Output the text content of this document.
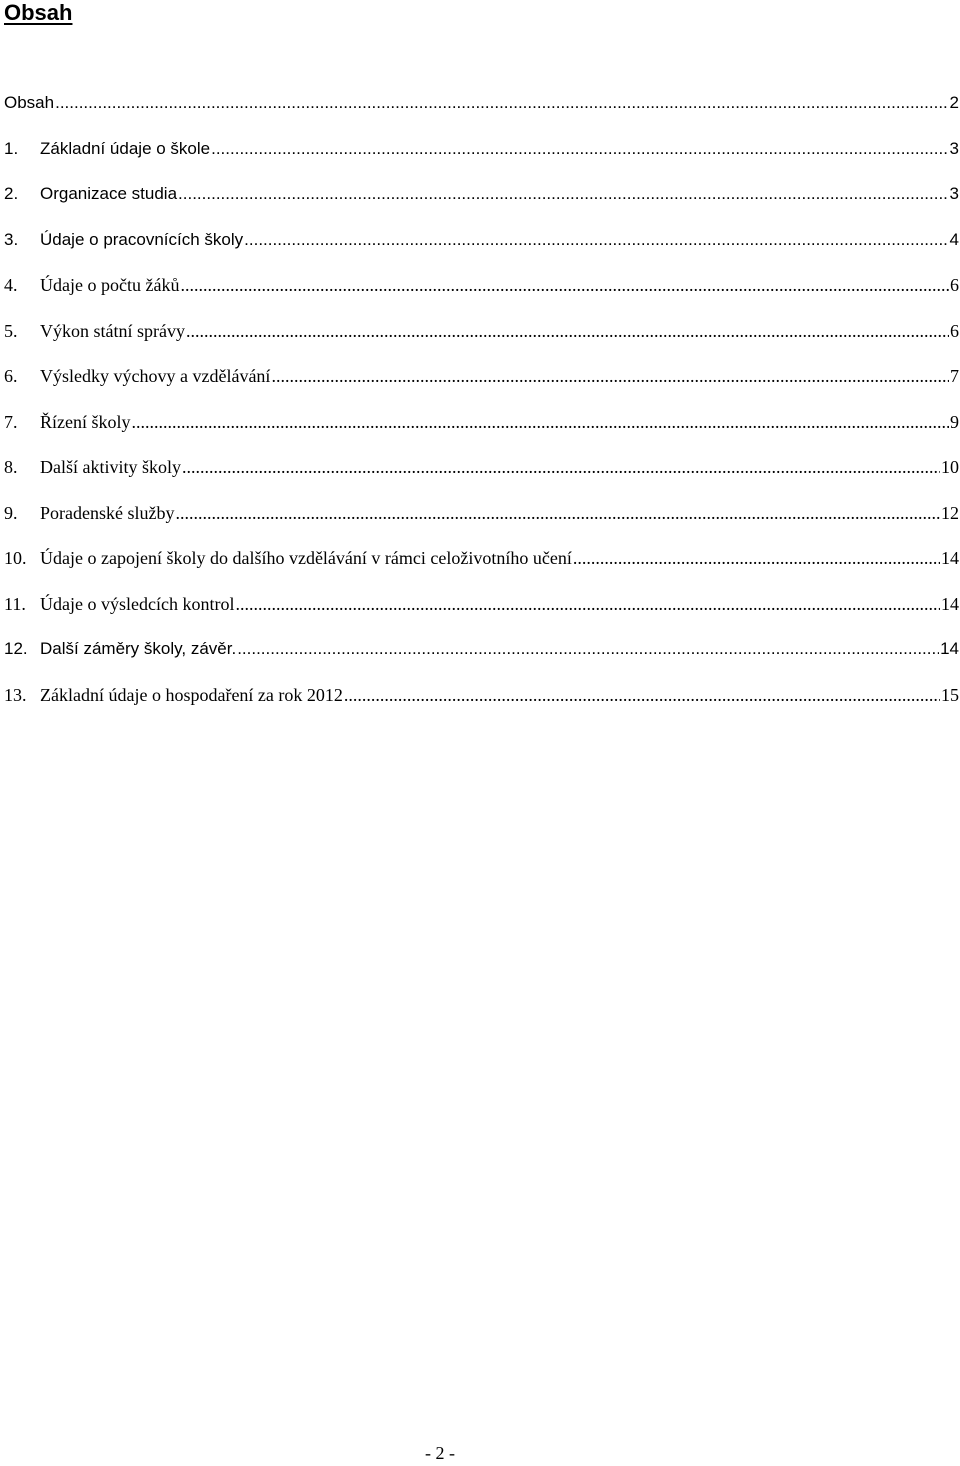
Obsah
Obsah .....	2
1.	Základní údaje o škole .....	3
2.	Organizace studia .....	3
3.	Údaje o pracovnících školy .....	4
4.	Údaje o počtu žáků .....	6
5.	Výkon státní správy .....	6
6.	Výsledky výchovy a vzdělávání .....	7
7.	Řízení školy .....	9
8.	Další aktivity školy .....	10
9.	Poradenské služby .....	12
10. Údaje o zapojení školy do dalšího vzdělávání v rámci celoživotního učení .....	14
11. Údaje o výsledcích kontrol .....	14
12. Další záměry školy, závěr. .....	14
13. Základní údaje o hospodaření za rok 2012 .....	15
- 2 -
